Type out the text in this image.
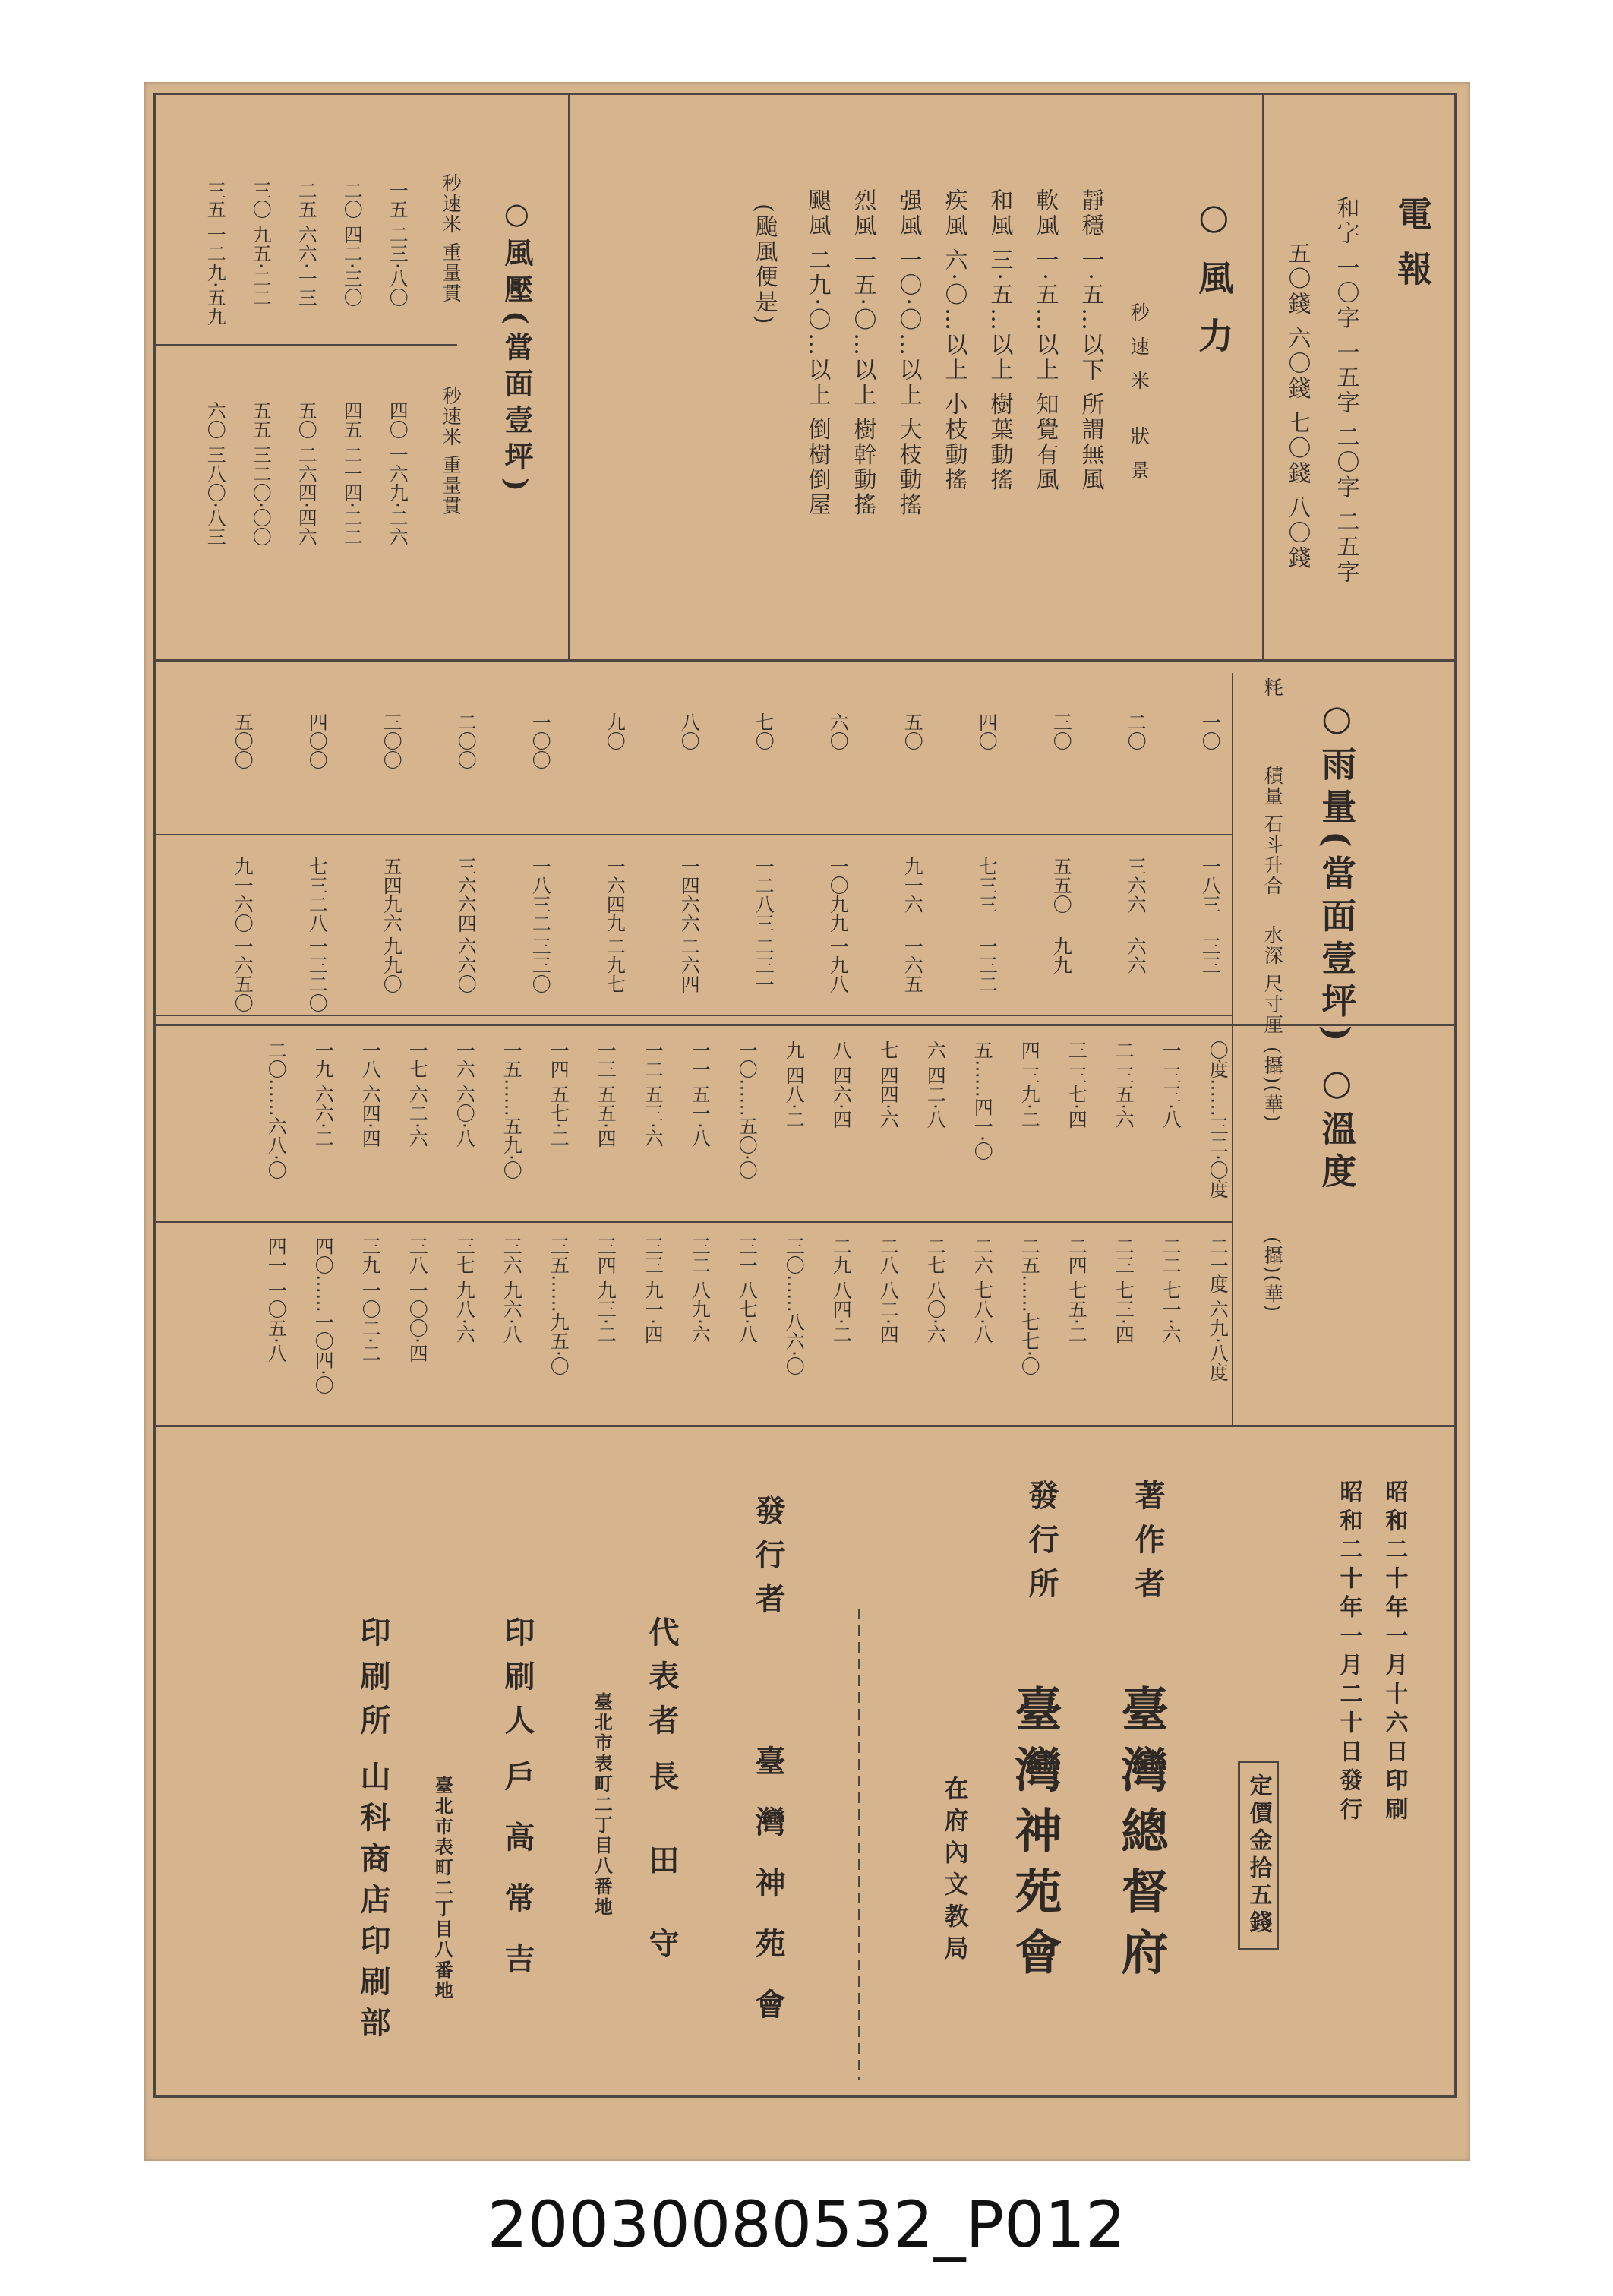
電報
和字 一〇字 一五字 二〇字 二五字
五〇錢 六〇錢 七〇錢 八〇錢
○風力
秒速米 狀景
靜穩 一·五…以下 所謂無風
軟風 一·五…以上 知覺有風
和風 三·五…以上 樹葉動搖
疾風 六·〇…以上 小枝動搖
强風 一〇·〇…以上 大枝動搖
烈風 一五·〇…以上 樹幹動搖
颶風 二九·〇…以上 倒樹倒屋
(颱風便是)
○風壓(當面壹坪)
秒速米 重量貫
秒速米 重量貫
一五 二三·八〇
二〇 四二·三〇
二五 六六·一三
三〇 九五·二二
三五 一二九·五九
四〇 一六九·二六
四五 二一四·二二
五〇 二六四·四六
五五 三二〇·〇〇
六〇 三八〇·八三
○雨量(當面壹坪)
粍
積量 石斗升合
水深 尺寸厘
一〇
二〇
三〇
四〇
五〇
六〇
七〇
八〇
九〇
一〇〇
二〇〇
三〇〇
四〇〇
五〇〇
一八三
三六六
五五〇
七三三
九一六
一〇九九
一二八三
一四六六
一六四九
一八三二
三六六四
五四九六
七三二八
九一六〇
三三
六六
九九
一三二
一六五
一九八
二三一
二六四
二九七
三三〇
六六〇
九九〇
一三二〇
一六五〇
○溫度
(攝)(華)
(攝)(華)
〇度……三二·〇度
一 三三·八
二 三五·六
三 三七·四
四 三九·二
五……四一·〇
六 四二·八
七 四四·六
八 四六·四
九 四八·二
一〇……五〇·〇
一一 五一·八
一二 五三·六
一三 五五·四
一四 五七·二
一五……五九·〇
一六 六〇·八
一七 六二·六
一八 六四·四
一九 六六·二
二〇……六八·〇
二一度 六九·八度
二二 七一·六
二三 七三·四
二四 七五·二
二五……七七·〇
二六 七八·八
二七 八〇·六
二八 八二·四
二九 八四·二
三〇……八六·〇
三一 八七·八
三二 八九·六
三三 九一·四
三四 九三·二
三五……九五·〇
三六 九六·八
三七 九八·六
三八 一〇〇·四
三九 一〇二·二
四〇……一〇四·〇
四一 一〇五·八
昭和二十年一月十六日印刷
昭和二十年一月二十日發行
定價金拾五錢
著作者
臺灣總督府
發行所
臺灣神苑會
在府內文教局
發行者
臺灣神苑會
代表者
長田守
臺北市表町二丁目八番地
印刷人
戶高常吉
臺北市表町二丁目八番地
印刷所
山科商店印刷部
20030080532_P012
